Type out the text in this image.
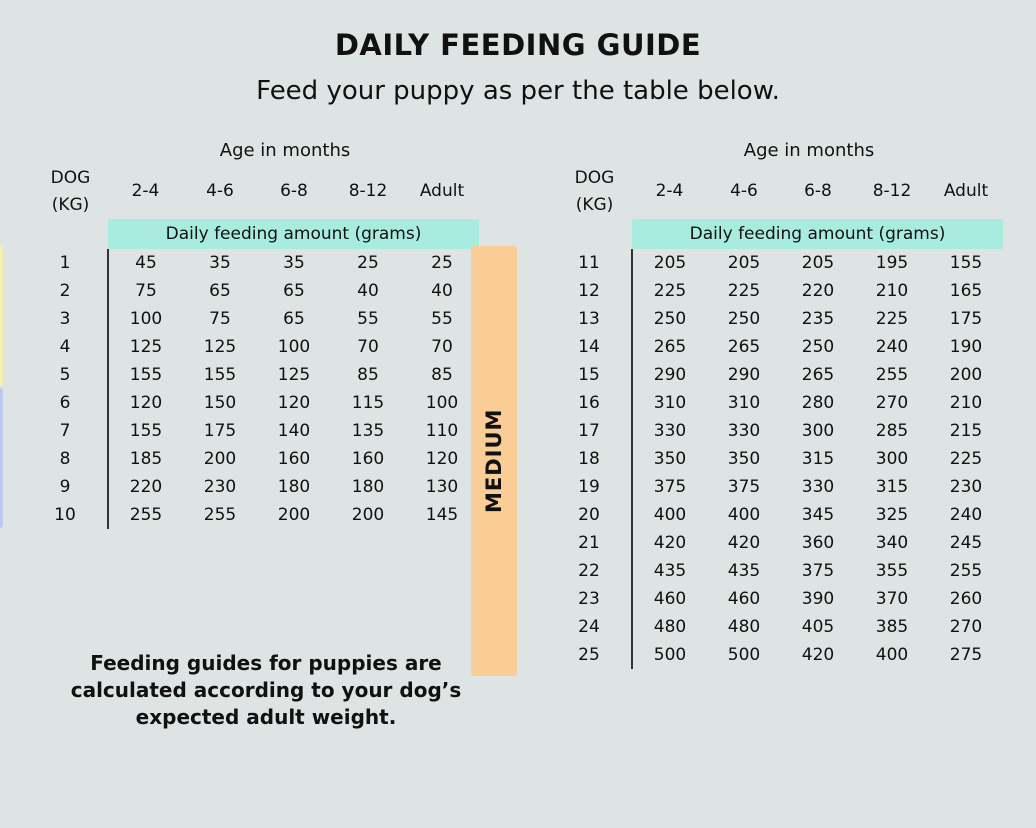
DAILY FEEDING GUIDE
Feed your puppy as per the table below.
Age in months
DOG
(KG)	2-4	4-6	6-8	8-12	Adult
	Daily feeding amount (grams)				
1	45	35	35	25	25
2	75	65	65	40	40
3	100	75	65	55	55
4	125	125	100	70	70
5	155	155	125	85	85
6	120	150	120	115	100
7	155	175	140	135	110
8	185	200	160	160	120
9	220	230	180	180	130
10	255	255	200	200	145
Age in months
DOG
(KG)	2-4	4-6	6-8	8-12	Adult
	Daily feeding amount (grams)				
11	205	205	205	195	155
12	225	225	220	210	165
13	250	250	235	225	175
14	265	265	250	240	190
15	290	290	265	255	200
16	310	310	280	270	210
17	330	330	300	285	215
18	350	350	315	300	225
19	375	375	330	315	230
20	400	400	345	325	240
21	420	420	360	340	245
22	435	435	375	355	255
23	460	460	390	370	260
24	480	480	405	385	270
25	500	500	420	400	275
MEDIUM
Feeding guides for puppies are calculated according to your dog’s expected adult weight.
